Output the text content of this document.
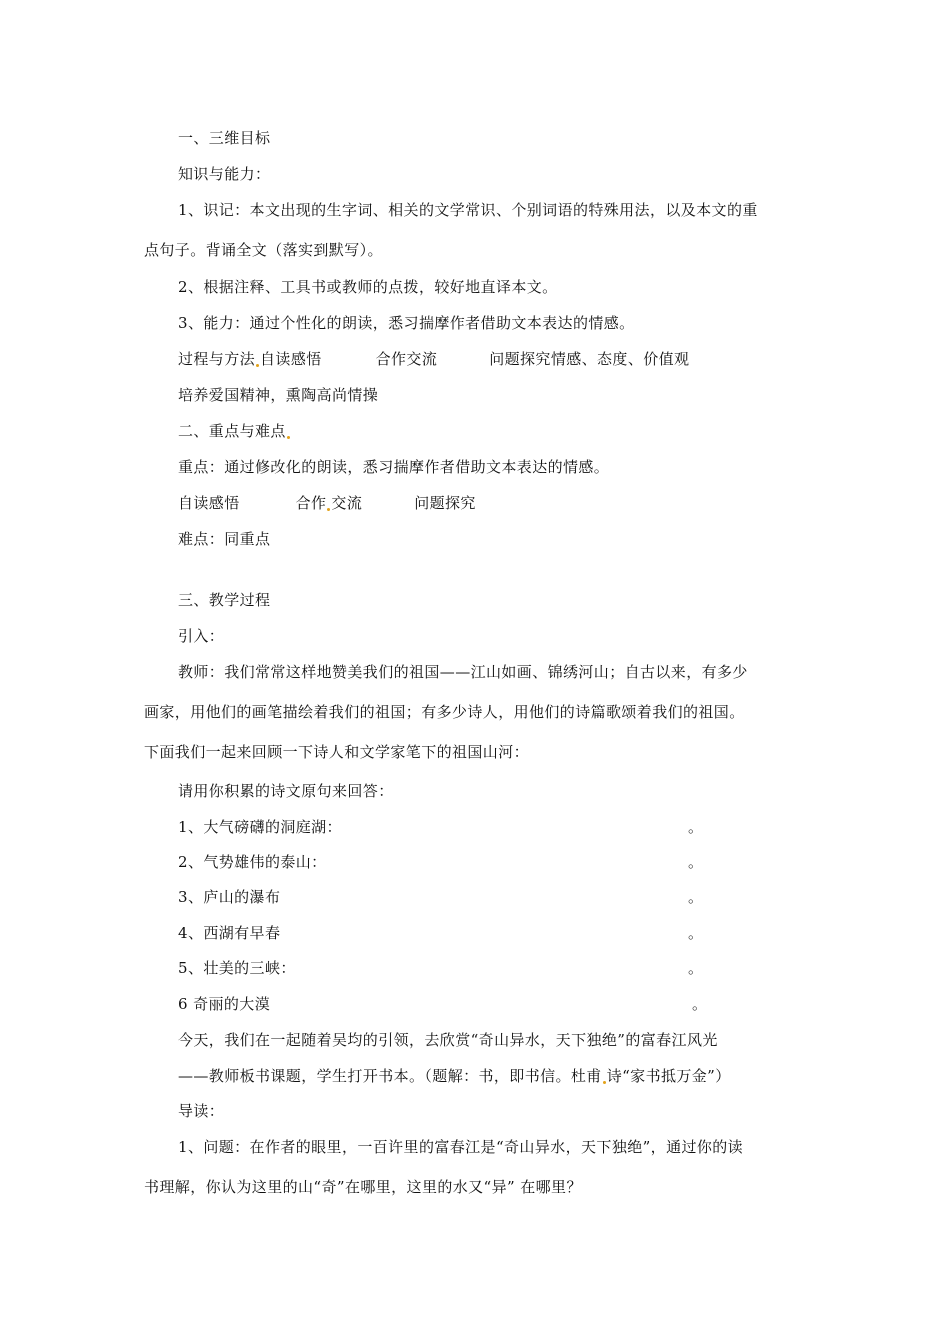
一、三维目标
知识与能力：
1、识记：本文出现的生字词、相关的文学常识、个别词语的特殊用法，以及本文的重
点句子。背诵全文（落实到默写）。
2、根据注释、工具书或教师的点拨，较好地直译本文。
3、能力：通过个性化的朗读，悉习揣摩作者借助文本表达的情感。
过程与方法 自读感悟	合作交流	问题探究情感、态度、价值观
培养爱国精神，熏陶高尚情操
二、重点与难点
重点：通过修改化的朗读，悉习揣摩作者借助文本表达的情感。
自读感悟	合作 交流	问题探究
难点：同重点
三、教学过程
引入：
教师：我们常常这样地赞美我们的祖国——江山如画、锦绣河山；自古以来，有多少
画家，用他们的画笔描绘着我们的祖国；有多少诗人，用他们的诗篇歌颂着我们的祖国。
下面我们一起来回顾一下诗人和文学家笔下的祖国山河：
请用你积累的诗文原句来回答：
1、大气磅礴的洞庭湖：	。
2、气势雄伟的泰山：	。
3、庐山的瀑布	。
4、西湖有早春	。
5、壮美的三峡：	。
6 奇丽的大漠	。
今天，我们在一起随着吴均的引领，去欣赏“奇山异水，天下独绝”的富春江风光
——教师板书课题，学生打开书本。（题解：书，即书信。杜甫 诗“家书抵万金”）
导读：
1、问题：在作者的眼里，一百许里的富春江是“奇山异水，天下独绝”，通过你的读
书理解，你认为这里的山“奇”在哪里，这里的水又“异” 在哪里？
